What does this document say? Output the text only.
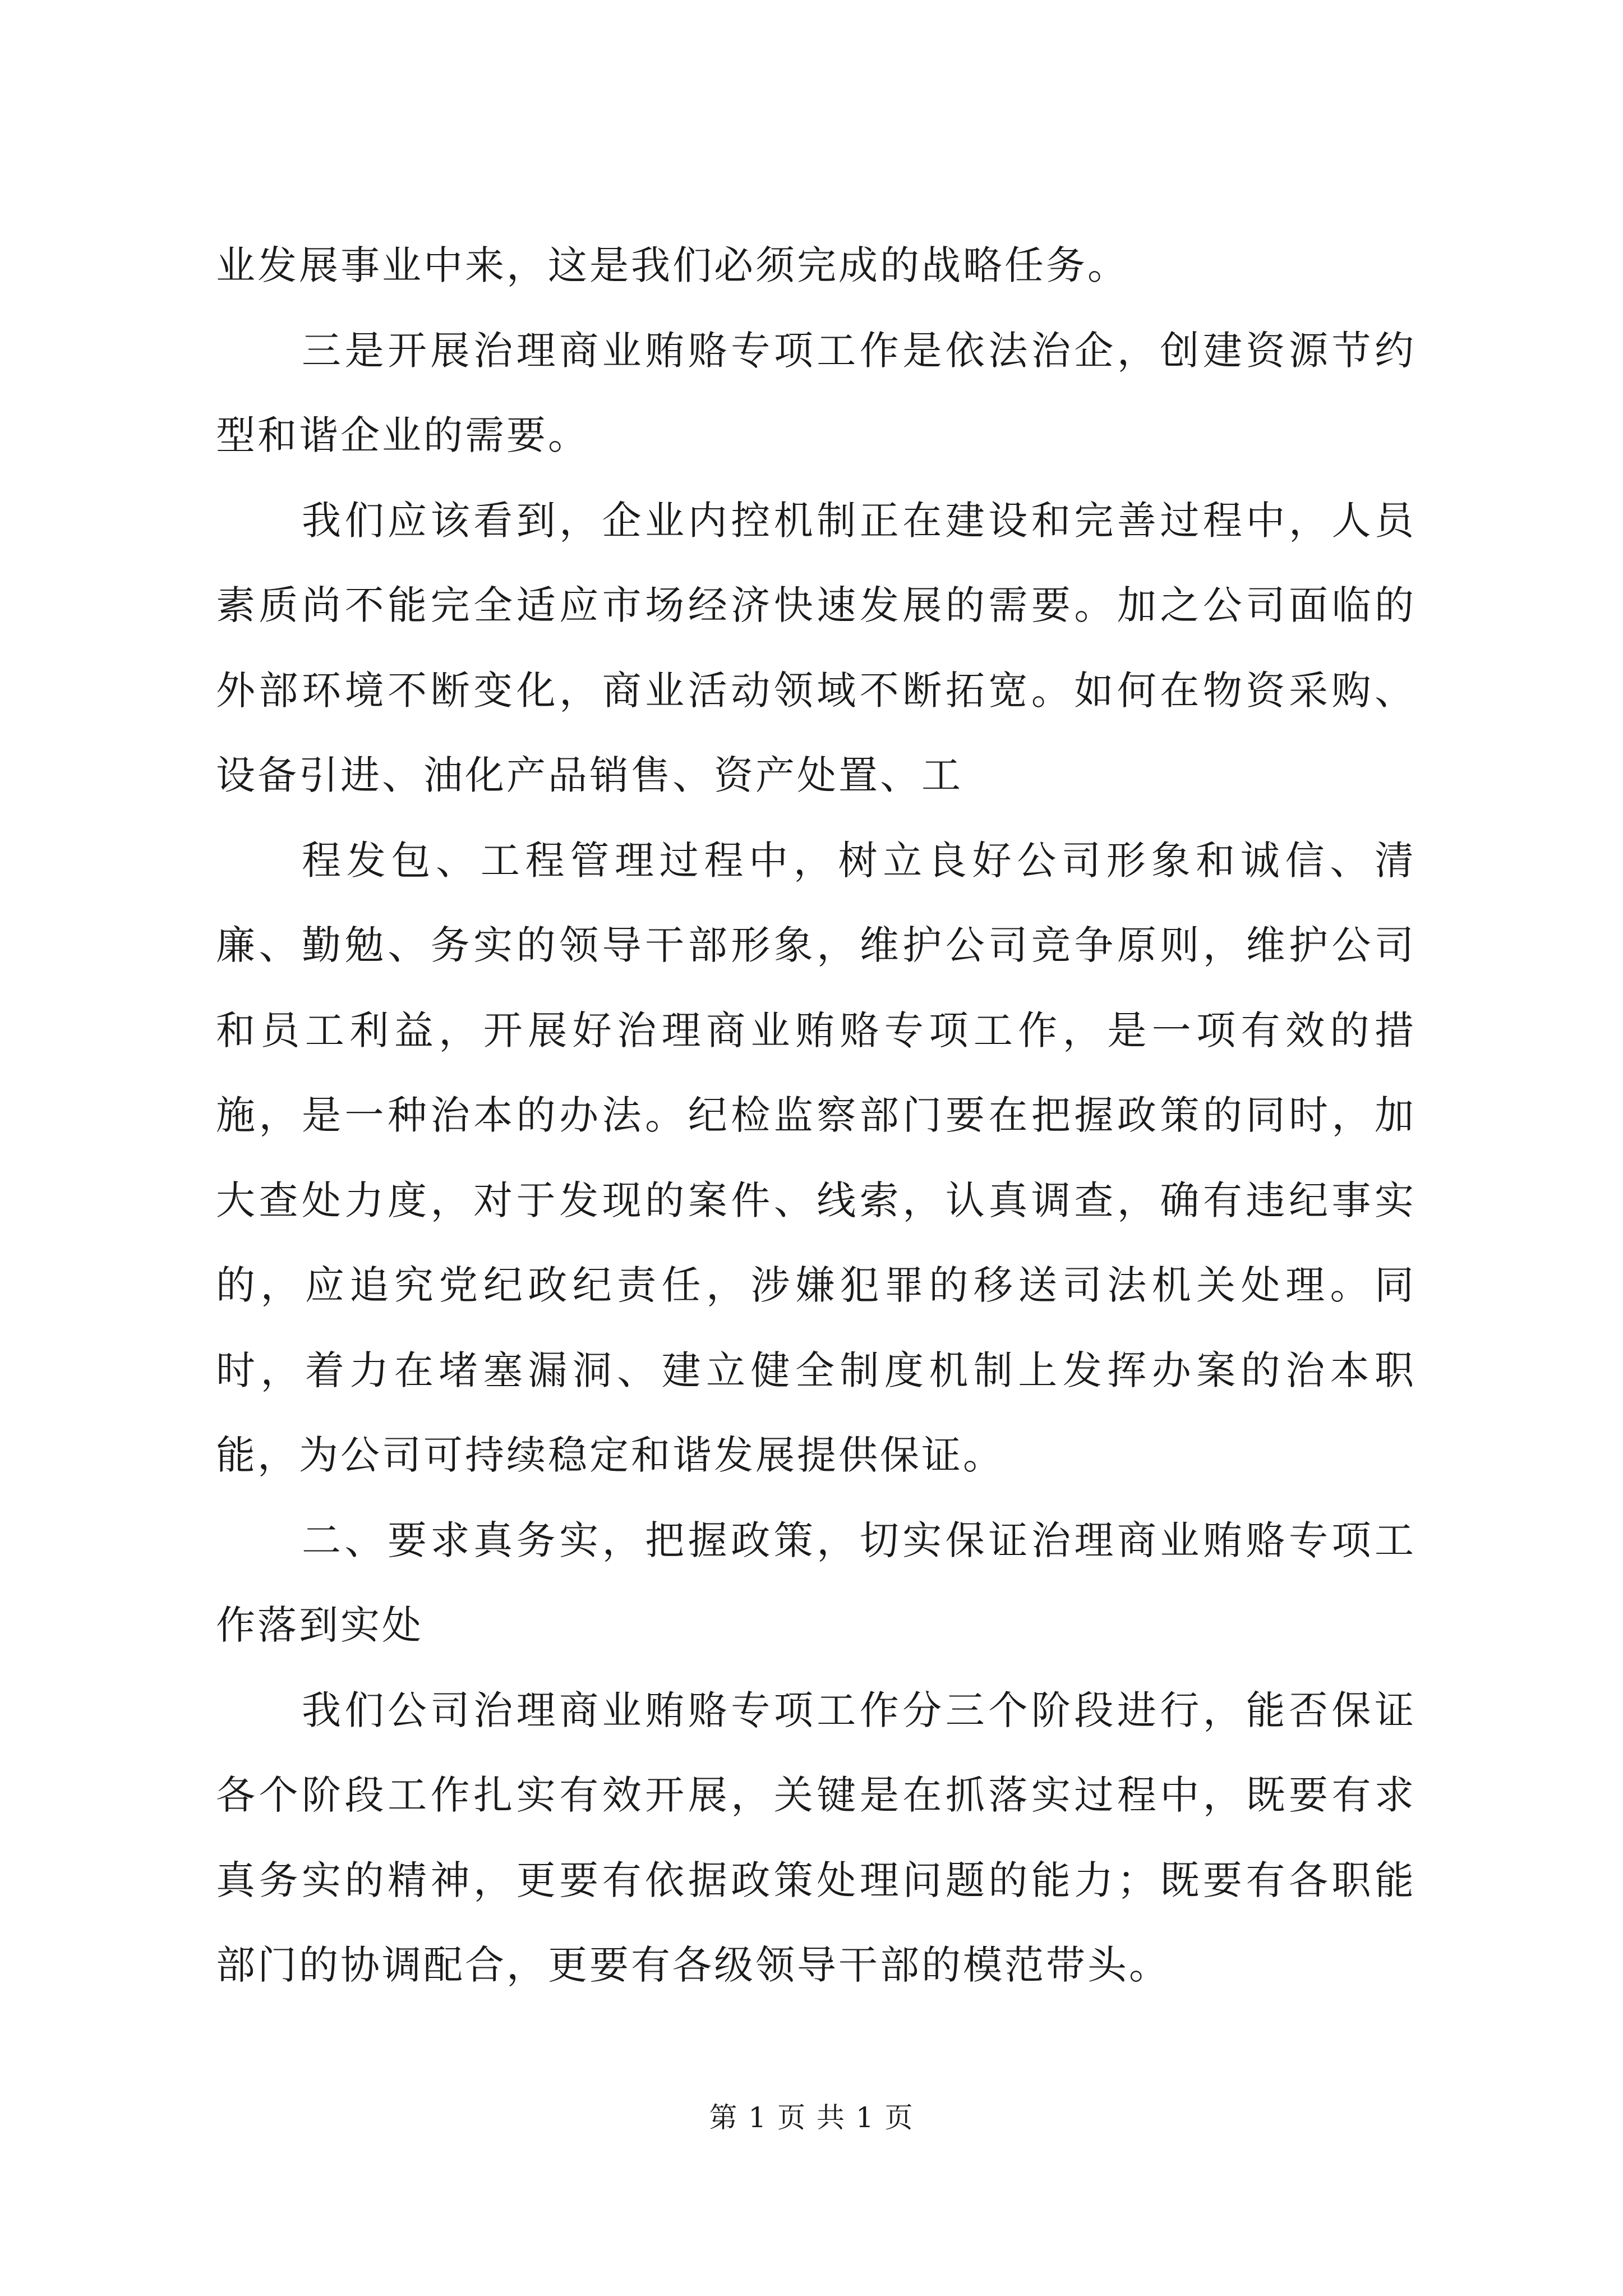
业发展事业中来，这是我们必须完成的战略任务。

三是开展治理商业贿赂专项工作是依法治企，创建资源节约型和谐企业的需要。

我们应该看到，企业内控机制正在建设和完善过程中，人员素质尚不能完全适应市场经济快速发展的需要。加之公司面临的外部环境不断变化，商业活动领域不断拓宽。如何在物资采购、设备引进、油化产品销售、资产处置、工

程发包、工程管理过程中，树立良好公司形象和诚信、清廉、勤勉、务实的领导干部形象，维护公司竞争原则，维护公司和员工利益，开展好治理商业贿赂专项工作，是一项有效的措施，是一种治本的办法。纪检监察部门要在把握政策的同时，加大查处力度，对于发现的案件、线索，认真调查，确有违纪事实的，应追究党纪政纪责任，涉嫌犯罪的移送司法机关处理。同时，着力在堵塞漏洞、建立健全制度机制上发挥办案的治本职能，为公司可持续稳定和谐发展提供保证。

二、要求真务实，把握政策，切实保证治理商业贿赂专项工作落到实处

我们公司治理商业贿赂专项工作分三个阶段进行，能否保证各个阶段工作扎实有效开展，关键是在抓落实过程中，既要有求真务实的精神，更要有依据政策处理问题的能力；既要有各职能部门的协调配合，更要有各级领导干部的模范带头。

第 1 页 共 1 页
